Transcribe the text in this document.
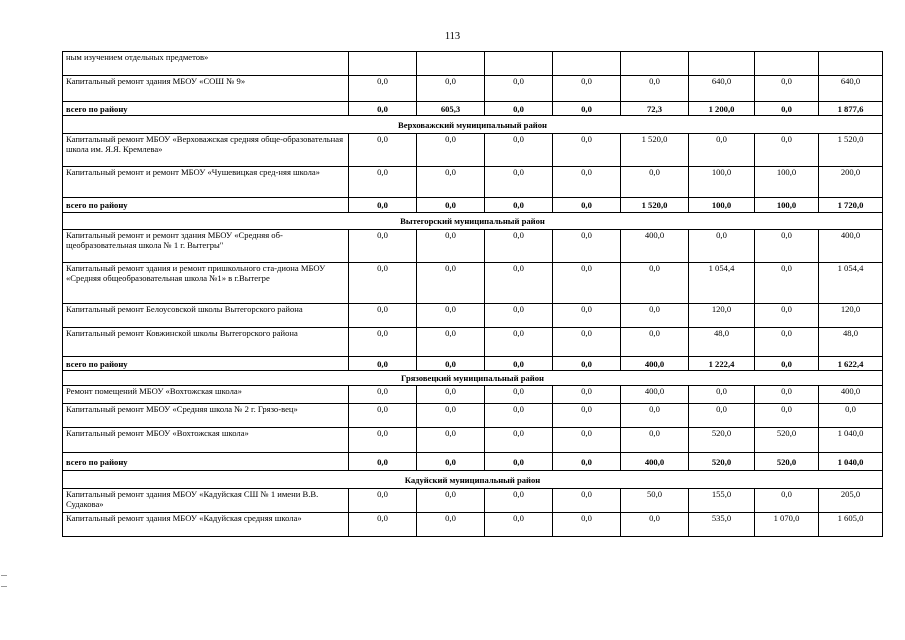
113
ным изучением отдельных предметов»								
Капитальный ремонт здания МБОУ «СОШ № 9»	0,0	0,0	0,0	0,0	0,0	640,0	0,0	640,0
всего по району	0,0	605,3	0,0	0,0	72,3	1 200,0	0,0	1 877,6
Верховажский муниципальный район								
Капитальный ремонт МБОУ «Верховажская средняя обще-образовательная школа им. Я.Я. Кремлева»	0,0	0,0	0,0	0,0	1 520,0	0,0	0,0	1 520,0
Капитальный ремонт и ремонт МБОУ «Чушевицкая сред-няя школа»	0,0	0,0	0,0	0,0	0,0	100,0	100,0	200,0
всего по району	0,0	0,0	0,0	0,0	1 520,0	100,0	100,0	1 720,0
Вытегорский муниципальный район								
Капитальный ремонт и ремонт здания МБОУ «Средняя об-щеобразовательная школа № 1 г. Вытегры"	0,0	0,0	0,0	0,0	400,0	0,0	0,0	400,0
Капитальный ремонт здания и ремонт пришкольного ста-диона МБОУ «Средняя общеобразовательная школа №1» в г.Вытегре	0,0	0,0	0,0	0,0	0,0	1 054,4	0,0	1 054,4
Капитальный ремонт Белоусовской школы Вытегорского района	0,0	0,0	0,0	0,0	0,0	120,0	0,0	120,0
Капитальный ремонт Ковжинской школы Вытегорского района	0,0	0,0	0,0	0,0	0,0	48,0	0,0	48,0
всего по району	0,0	0,0	0,0	0,0	400,0	1 222,4	0,0	1 622,4
Грязовецкий муниципальный район								
Ремонт помещений МБОУ «Вохтожская школа»	0,0	0,0	0,0	0,0	400,0	0,0	0,0	400,0
Капитальный ремонт МБОУ «Средняя школа № 2 г. Грязо-вец»	0,0	0,0	0,0	0,0	0,0	0,0	0,0	0,0
Капитальный ремонт МБОУ «Вохтожская школа»	0,0	0,0	0,0	0,0	0,0	520,0	520,0	1 040,0
всего по району	0,0	0,0	0,0	0,0	400,0	520,0	520,0	1 040,0
Кадуйский муниципальный район								
Капитальный ремонт здания МБОУ «Кадуйская СШ № 1 имени В.В. Судакова»	0,0	0,0	0,0	0,0	50,0	155,0	0,0	205,0
Капитальный ремонт здания МБОУ «Кадуйская средняя школа»	0,0	0,0	0,0	0,0	0,0	535,0	1 070,0	1 605,0
